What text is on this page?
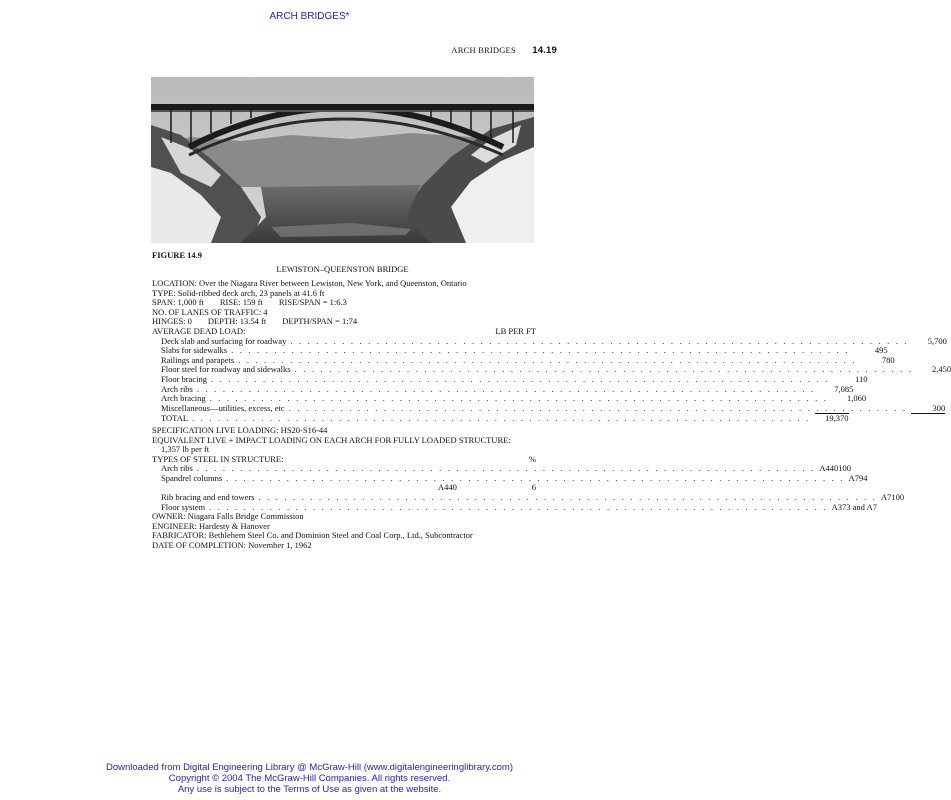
ARCH BRIDGES*
ARCH BRIDGES 14.19
FIGURE 14.9
LEWISTON–QUEENSTON BRIDGE
LOCATION: Over the Niagara River between Lewiston, New York, and Queenston, Ontario
TYPE: Solid-ribbed deck arch, 23 panels at 41.6 ft
SPAN: 1,000 ft RISE: 159 ft RISE/SPAN = 1:6.3
NO. OF LANES OF TRAFFIC: 4
HINGES: 0 DEPTH: 13.54 ft DEPTH/SPAN = 1:74
AVERAGE DEAD LOAD:	LB PER FT
Deck slab and surfacing for roadway . . . . . . . . . . . . . . . . . . . . . . . . . . . . . . . . . . . . . . . . . . . . . . . . . . . . . . . . . . . . . . . . . . . . . . . .	5,700
Slabs for sidewalks . . . . . . . . . . . . . . . . . . . . . . . . . . . . . . . . . . . . . . . . . . . . . . . . . . . . . . . . . . . . . . . . . . . . . . . .	495
Railings and parapets . . . . . . . . . . . . . . . . . . . . . . . . . . . . . . . . . . . . . . . . . . . . . . . . . . . . . . . . . . . . . . . . . . . . . . . .	780
Floor steel for roadway and sidewalks . . . . . . . . . . . . . . . . . . . . . . . . . . . . . . . . . . . . . . . . . . . . . . . . . . . . . . . . . . . . . . . . . . . . . . . .	2,450
Floor bracing . . . . . . . . . . . . . . . . . . . . . . . . . . . . . . . . . . . . . . . . . . . . . . . . . . . . . . . . . . . . . . . . . . . . . . . .	110
Arch ribs . . . . . . . . . . . . . . . . . . . . . . . . . . . . . . . . . . . . . . . . . . . . . . . . . . . . . . . . . . . . . . . . . . . . . . . .	7,085
Arch bracing . . . . . . . . . . . . . . . . . . . . . . . . . . . . . . . . . . . . . . . . . . . . . . . . . . . . . . . . . . . . . . . . . . . . . . . .	1,060
Miscellaneous—utilities, excess, etc . . . . . . . . . . . . . . . . . . . . . . . . . . . . . . . . . . . . . . . . . . . . . . . . . . . . . . . . . . . . . . . . . . . . . . . .	300
TOTAL . . . . . . . . . . . . . . . . . . . . . . . . . . . . . . . . . . . . . . . . . . . . . . . . . . . . . . . . . . . . . . . . . . . . . . . .	19,370
SPECIFICATION LIVE LOADING: HS20-S16-44
EQUIVALENT LIVE + IMPACT LOADING ON EACH ARCH FOR FULLY LOADED STRUCTURE:
1,357 lb per ft
TYPES OF STEEL IN STRUCTURE:	%
Arch ribs . . . . . . . . . . . . . . . . . . . . . . . . . . . . . . . . . . . . . . . . . . . . . . . . . . . . . . . . . . . . . . . . . . . . . . . . A440 100
Spandrel columns . . . . . . . . . . . . . . . . . . . . . . . . . . . . . . . . . . . . . . . . . . . . . . . . . . . . . . . . . . . . . . . . . . . . . . . . A7 94
A440	6
Rib bracing and end towers . . . . . . . . . . . . . . . . . . . . . . . . . . . . . . . . . . . . . . . . . . . . . . . . . . . . . . . . . . . . . . . . . . . . . . . . A7 100
Floor system . . . . . . . . . . . . . . . . . . . . . . . . . . . . . . . . . . . . . . . . . . . . . . . . . . . . . . . . . . . . . . . . . . . . . . . . A373 and A7
OWNER: Niagara Falls Bridge Commission
ENGINEER: Hardesty & Hanover
FABRICATOR: Bethlehem Steel Co. and Dominion Steel and Coal Corp., Ltd., Subcontractor
DATE OF COMPLETION: November 1, 1962
Downloaded from Digital Engineering Library @ McGraw-Hill (www.digitalengineeringlibrary.com)
Copyright © 2004 The McGraw-Hill Companies. All rights reserved.
Any use is subject to the Terms of Use as given at the website.
